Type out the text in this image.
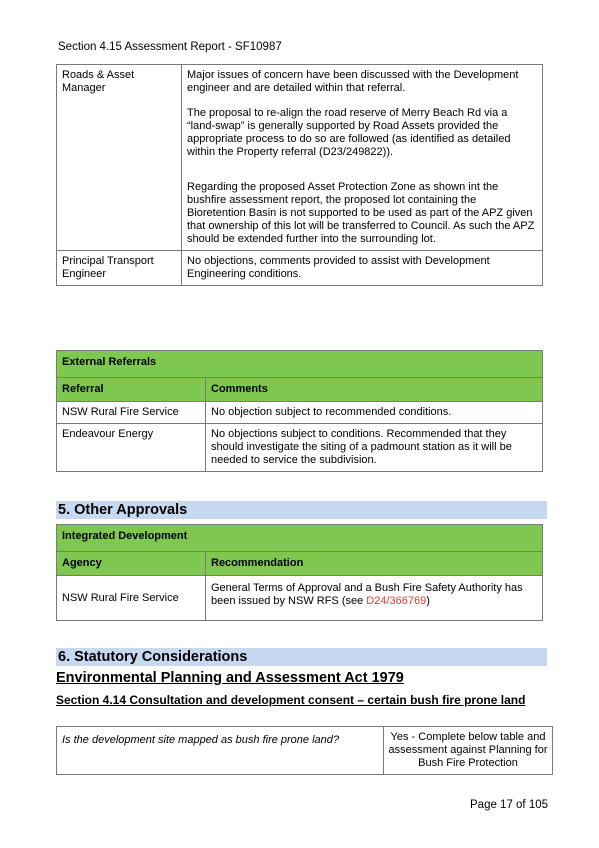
Section 4.15 Assessment Report - SF10987
Roads & Asset Manager	Major issues of concern have been discussed with the Development engineer and are detailed within that referral.

The proposal to re-align the road reserve of Merry Beach Rd via a “land-swap” is generally supported by Road Assets provided the appropriate process to do so are followed (as identified as detailed within the Property referral (D23/249822)).

Regarding the proposed Asset Protection Zone as shown int the bushfire assessment report, the proposed lot containing the Bioretention Basin is not supported to be used as part of the APZ given that ownership of this lot will be transferred to Council. As such the APZ should be extended further into the surrounding lot.

Principal Transport Engineer	No objections, comments provided to assist with Development Engineering conditions.

External Referrals	
Referral	Comments
NSW Rural Fire Service	No objection subject to recommended conditions.
Endeavour Energy	No objections subject to conditions. Recommended that they should investigate the siting of a padmount station as it will be needed to service the subdivision.
5. Other Approvals
Integrated Development	
Agency	Recommendation
NSW Rural Fire Service	General Terms of Approval and a Bush Fire Safety Authority has been issued by NSW RFS (see D24/366769)
6. Statutory Considerations
Environmental Planning and Assessment Act 1979
Section 4.14 Consultation and development consent – certain bush fire prone land
Is the development site mapped as bush fire prone land?	Yes - Complete below table and assessment against Planning for Bush Fire Protection
Page 17 of 105
